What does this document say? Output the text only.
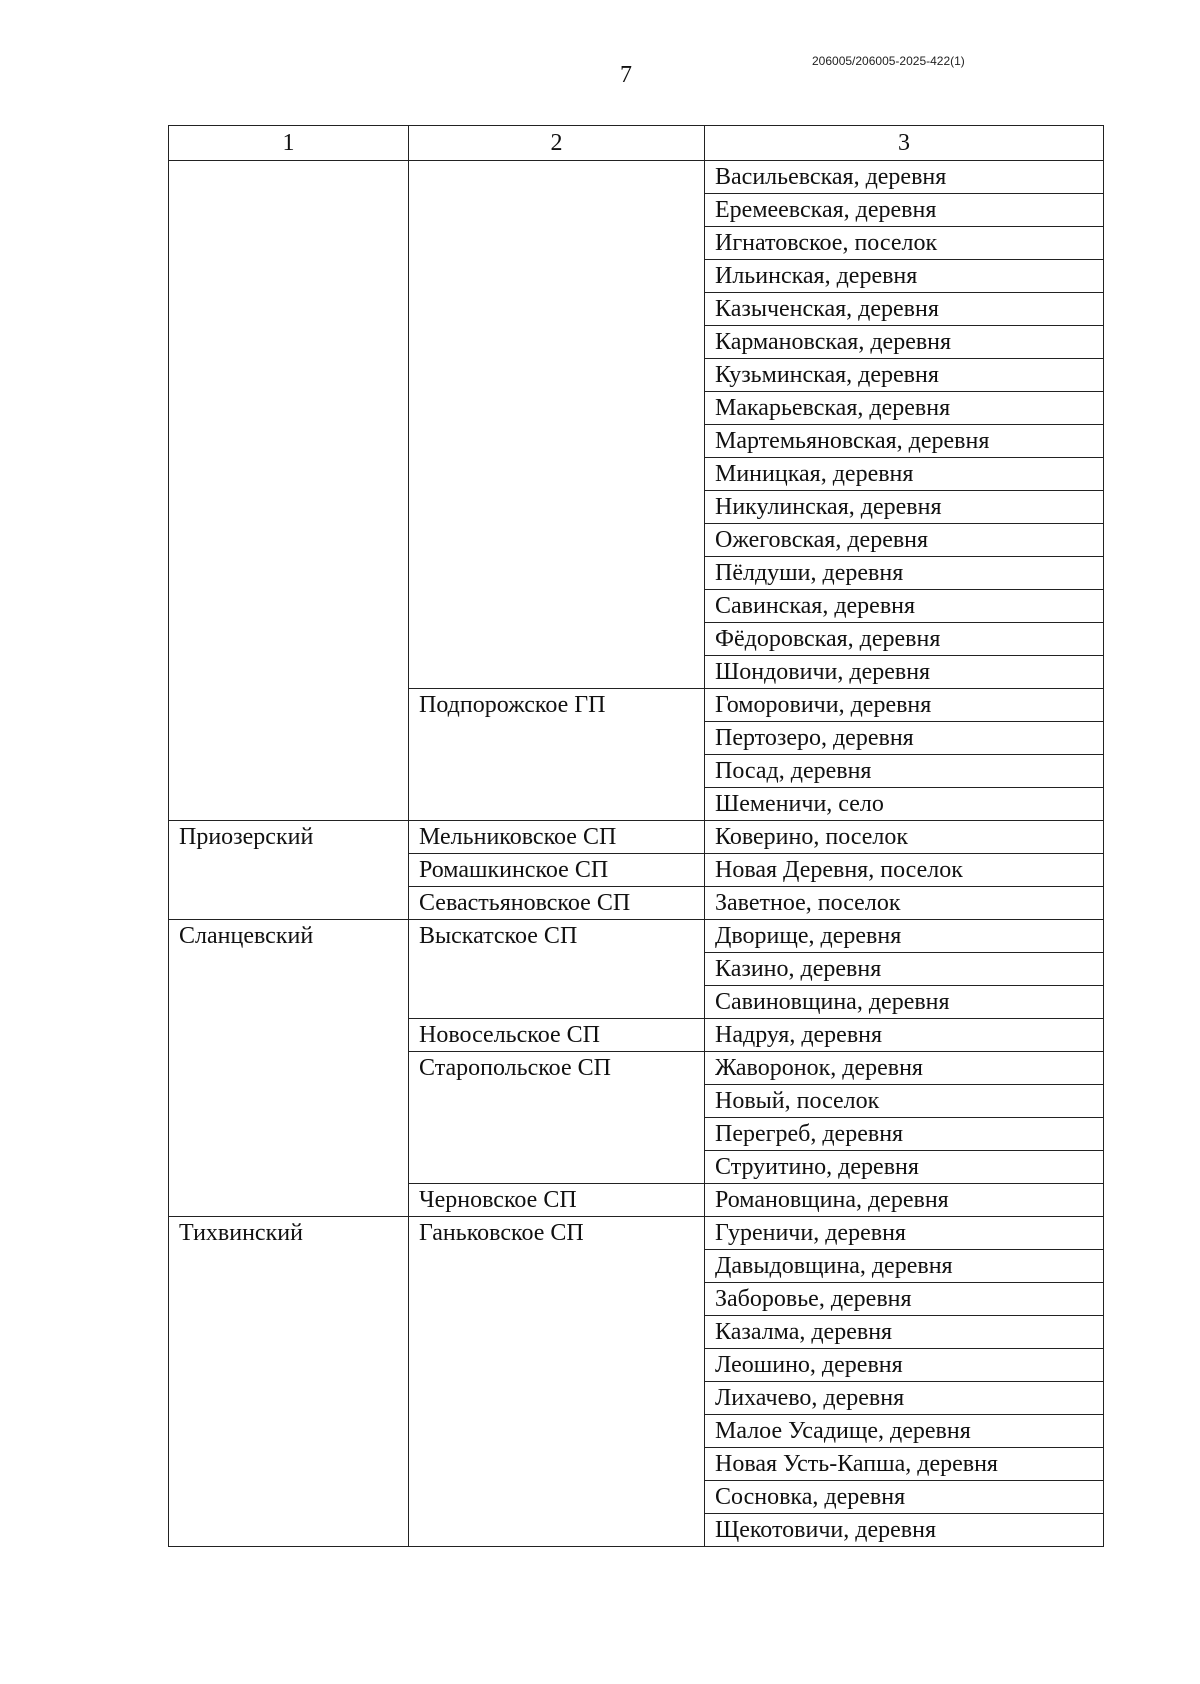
7
206005/206005-2025-422(1)
1	2	3
		Васильевская, деревня
		Еремеевская, деревня
		Игнатовское, поселок
		Ильинская, деревня
		Казыченская, деревня
		Кармановская, деревня
		Кузьминская, деревня
		Макарьевская, деревня
		Мартемьяновская, деревня
		Миницкая, деревня
		Никулинская, деревня
		Ожеговская, деревня
		Пёлдуши, деревня
		Савинская, деревня
		Фёдоровская, деревня
		Шондовичи, деревня
	Подпорожское ГП	Гоморовичи, деревня
		Пертозеро, деревня
		Посад, деревня
		Шеменичи, село
Приозерский	Мельниковское СП	Коверино, поселок
	Ромашкинское СП	Новая Деревня, поселок
	Севастьяновское СП	Заветное, поселок
Сланцевский	Выскатское СП	Дворище, деревня
		Казино, деревня
		Савиновщина, деревня
	Новосельское СП	Надруя, деревня
	Старопольское СП	Жаворонок, деревня
		Новый, поселок
		Перегреб, деревня
		Струитино, деревня
	Черновское СП	Романовщина, деревня
Тихвинский	Ганьковское СП	Гуреничи, деревня
		Давыдовщина, деревня
		Заборовье, деревня
		Казалма, деревня
		Леошино, деревня
		Лихачево, деревня
		Малое Усадище, деревня
		Новая Усть-Капша, деревня
		Сосновка, деревня
		Щекотовичи, деревня
